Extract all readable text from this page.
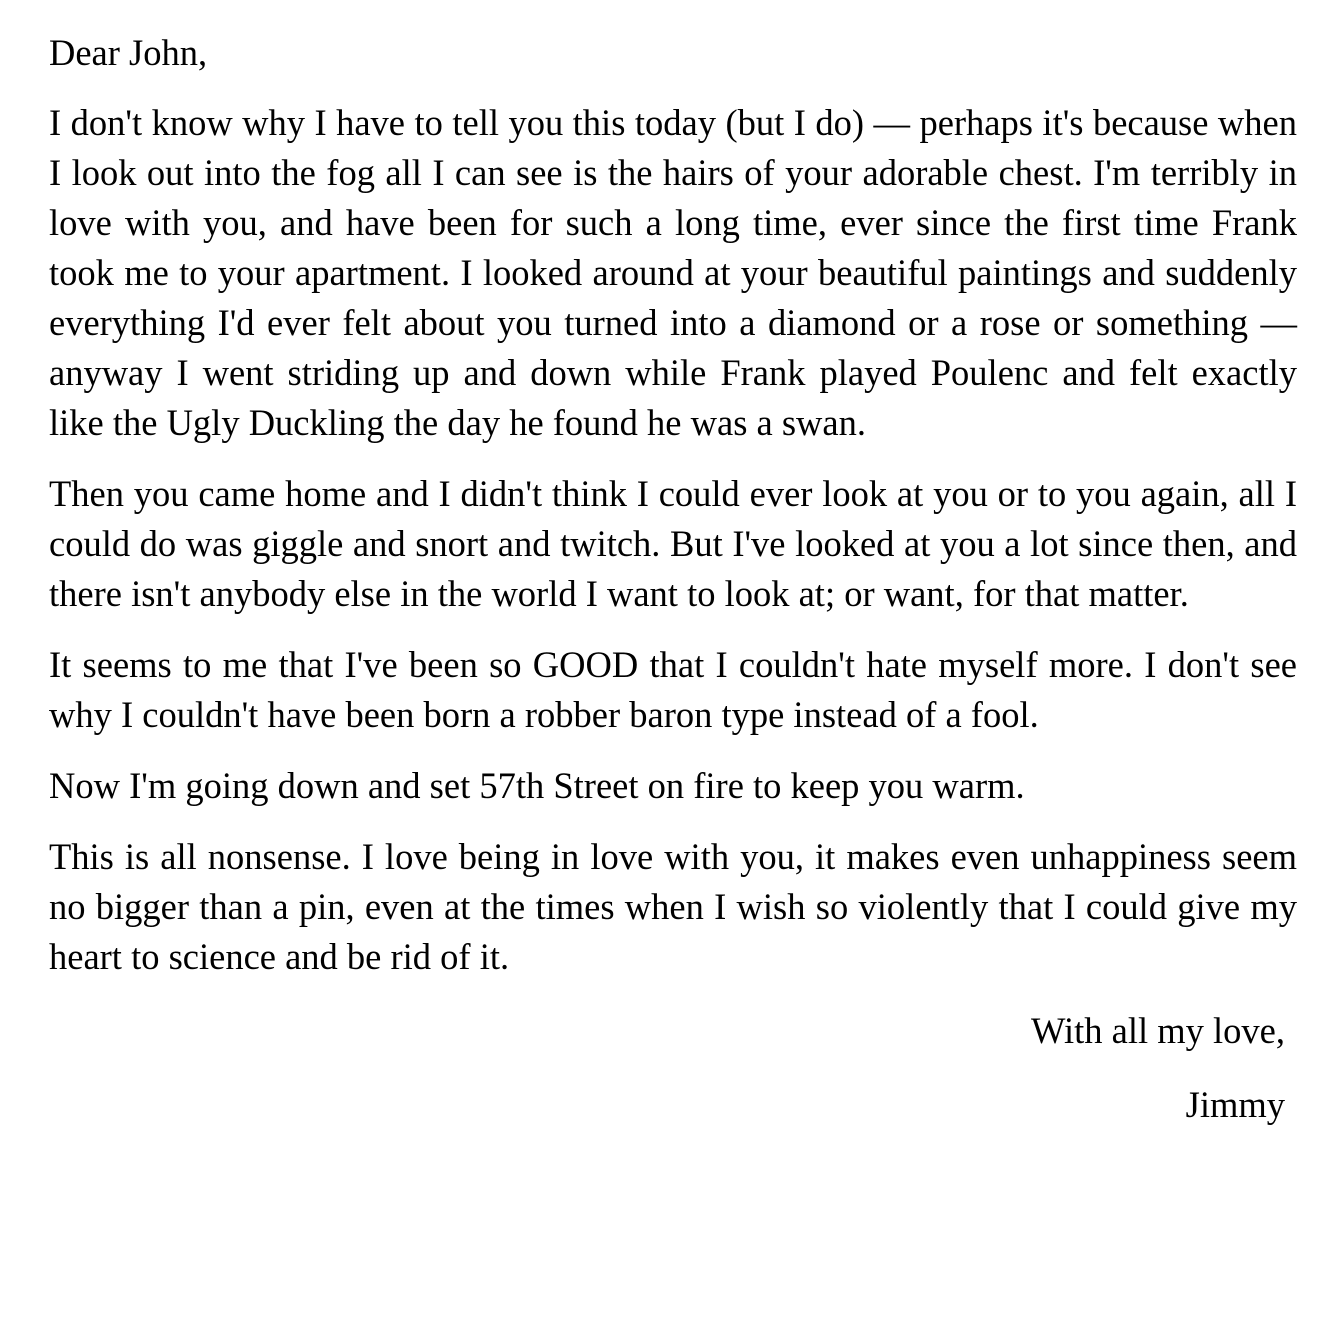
Dear John,

I don't know why I have to tell you this today (but I do) — perhaps it's because when I look out into the fog all I can see is the hairs of your adorable chest. I'm terribly in love with you, and have been for such a long time, ever since the first time Frank took me to your apartment. I looked around at your beautiful paintings and suddenly everything I'd ever felt about you turned into a diamond or a rose or something — anyway I went striding up and down while Frank played Poulenc and felt exactly like the Ugly Duckling the day he found he was a swan.

Then you came home and I didn't think I could ever look at you or to you again, all I could do was giggle and snort and twitch. But I've looked at you a lot since then, and there isn't anybody else in the world I want to look at; or want, for that matter.

It seems to me that I've been so GOOD that I couldn't hate myself more. I don't see why I couldn't have been born a robber baron type instead of a fool.

Now I'm going down and set 57th Street on fire to keep you warm.

This is all nonsense. I love being in love with you, it makes even unhappiness seem no bigger than a pin, even at the times when I wish so violently that I could give my heart to science and be rid of it.

With all my love,

Jimmy
